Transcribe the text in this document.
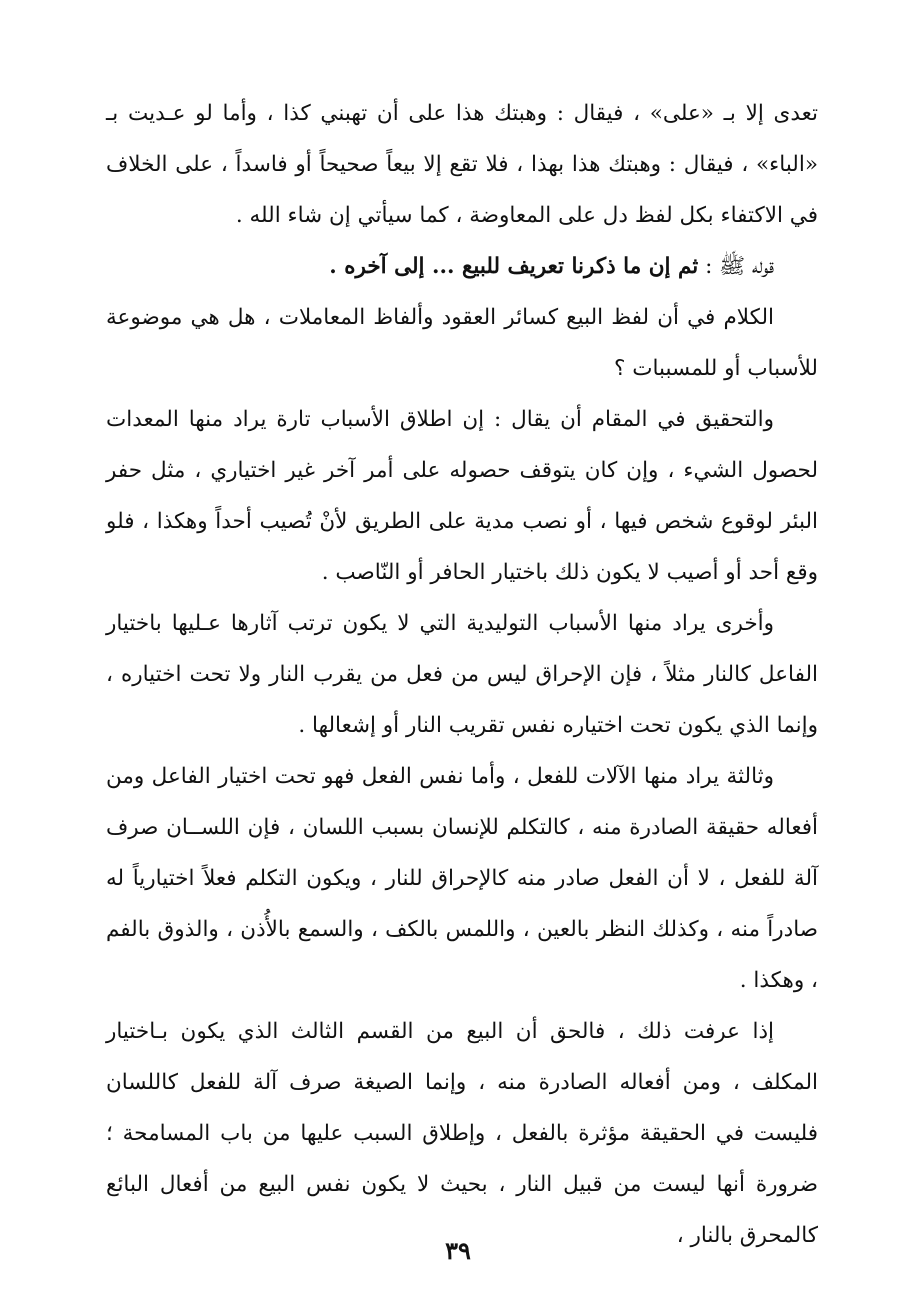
تعدى إلا بـ «على» ، فيقال : وهبتك هذا على أن تهبني كذا ، وأما لو عـديت بـ «الباء» ، فيقال : وهبتك هذا بهذا ، فلا تقع إلا بيعاً صحيحاً أو فاسداً ، على الخلاف في الاكتفاء بكل لفظ دل على المعاوضة ، كما سيأتي إن شاء الله .

قوله ﷺ : ثم إن ما ذكرنا تعريف للبيع ... إلى آخره .

الكلام في أن لفظ البيع كسائر العقود وألفاظ المعاملات ، هل هي موضوعة للأسباب أو للمسببات ؟

والتحقيق في المقام أن يقال : إن اطلاق الأسباب تارة يراد منها المعدات لحصول الشيء ، وإن كان يتوقف حصوله على أمر آخر غير اختياري ، مثل حفر البئر لوقوع شخص فيها ، أو نصب مدية على الطريق لأنْ تُصيب أحداً وهكذا ، فلو وقع أحد أو أصيب لا يكون ذلك باختيار الحافر أو النّاصب .

وأخرى يراد منها الأسباب التوليدية التي لا يكون ترتب آثارها عـليها باختيار الفاعل كالنار مثلاً ، فإن الإحراق ليس من فعل من يقرب النار ولا تحت اختياره ، وإنما الذي يكون تحت اختياره نفس تقريب النار أو إشعالها .

وثالثة يراد منها الآلات للفعل ، وأما نفس الفعل فهو تحت اختيار الفاعل ومن أفعاله حقيقة الصادرة منه ، كالتكلم للإنسان بسبب اللسان ، فإن اللســان صرف آلة للفعل ، لا أن الفعل صادر منه كالإحراق للنار ، ويكون التكلم فعلاً اختيارياً له صادراً منه ، وكذلك النظر بالعين ، واللمس بالكف ، والسمع بالأُذن ، والذوق بالفم ، وهكذا .

إذا عرفت ذلك ، فالحق أن البيع من القسم الثالث الذي يكون بـاختيار المكلف ، ومن أفعاله الصادرة منه ، وإنما الصيغة صرف آلة للفعل كاللسان فليست في الحقيقة مؤثرة بالفعل ، وإطلاق السبب عليها من باب المسامحة ؛ ضرورة أنها ليست من قبيل النار ، بحيث لا يكون نفس البيع من أفعال البائع كالمحرق بالنار ،

٣٩
